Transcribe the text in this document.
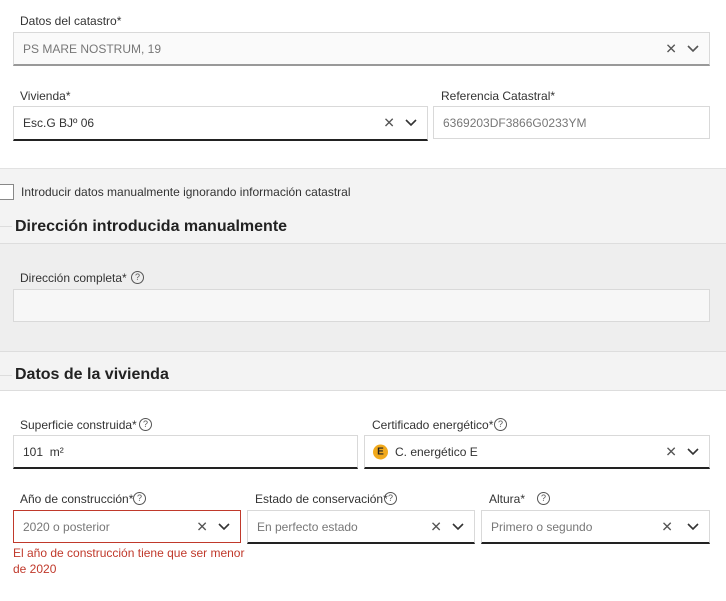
Datos del catastro*
PS MARE NOSTRUM, 19	✕
Vivienda*
Esc.G BJº 06	✕
Referencia Catastral*
6369203DF3866G0233YM
Introducir datos manualmente ignorando información catastral
Dirección introducida manualmente
Dirección completa* ?
Datos de la vivienda
Superficie construida* ?
101 m²
Certificado energético* ?
E C. energético E	✕
Año de construcción* ?
2020 o posterior	✕
El año de construcción tiene que ser menor de 2020
Estado de conservación* ?
En perfecto estado	✕
Altura*	?
Primero o segundo	✕
